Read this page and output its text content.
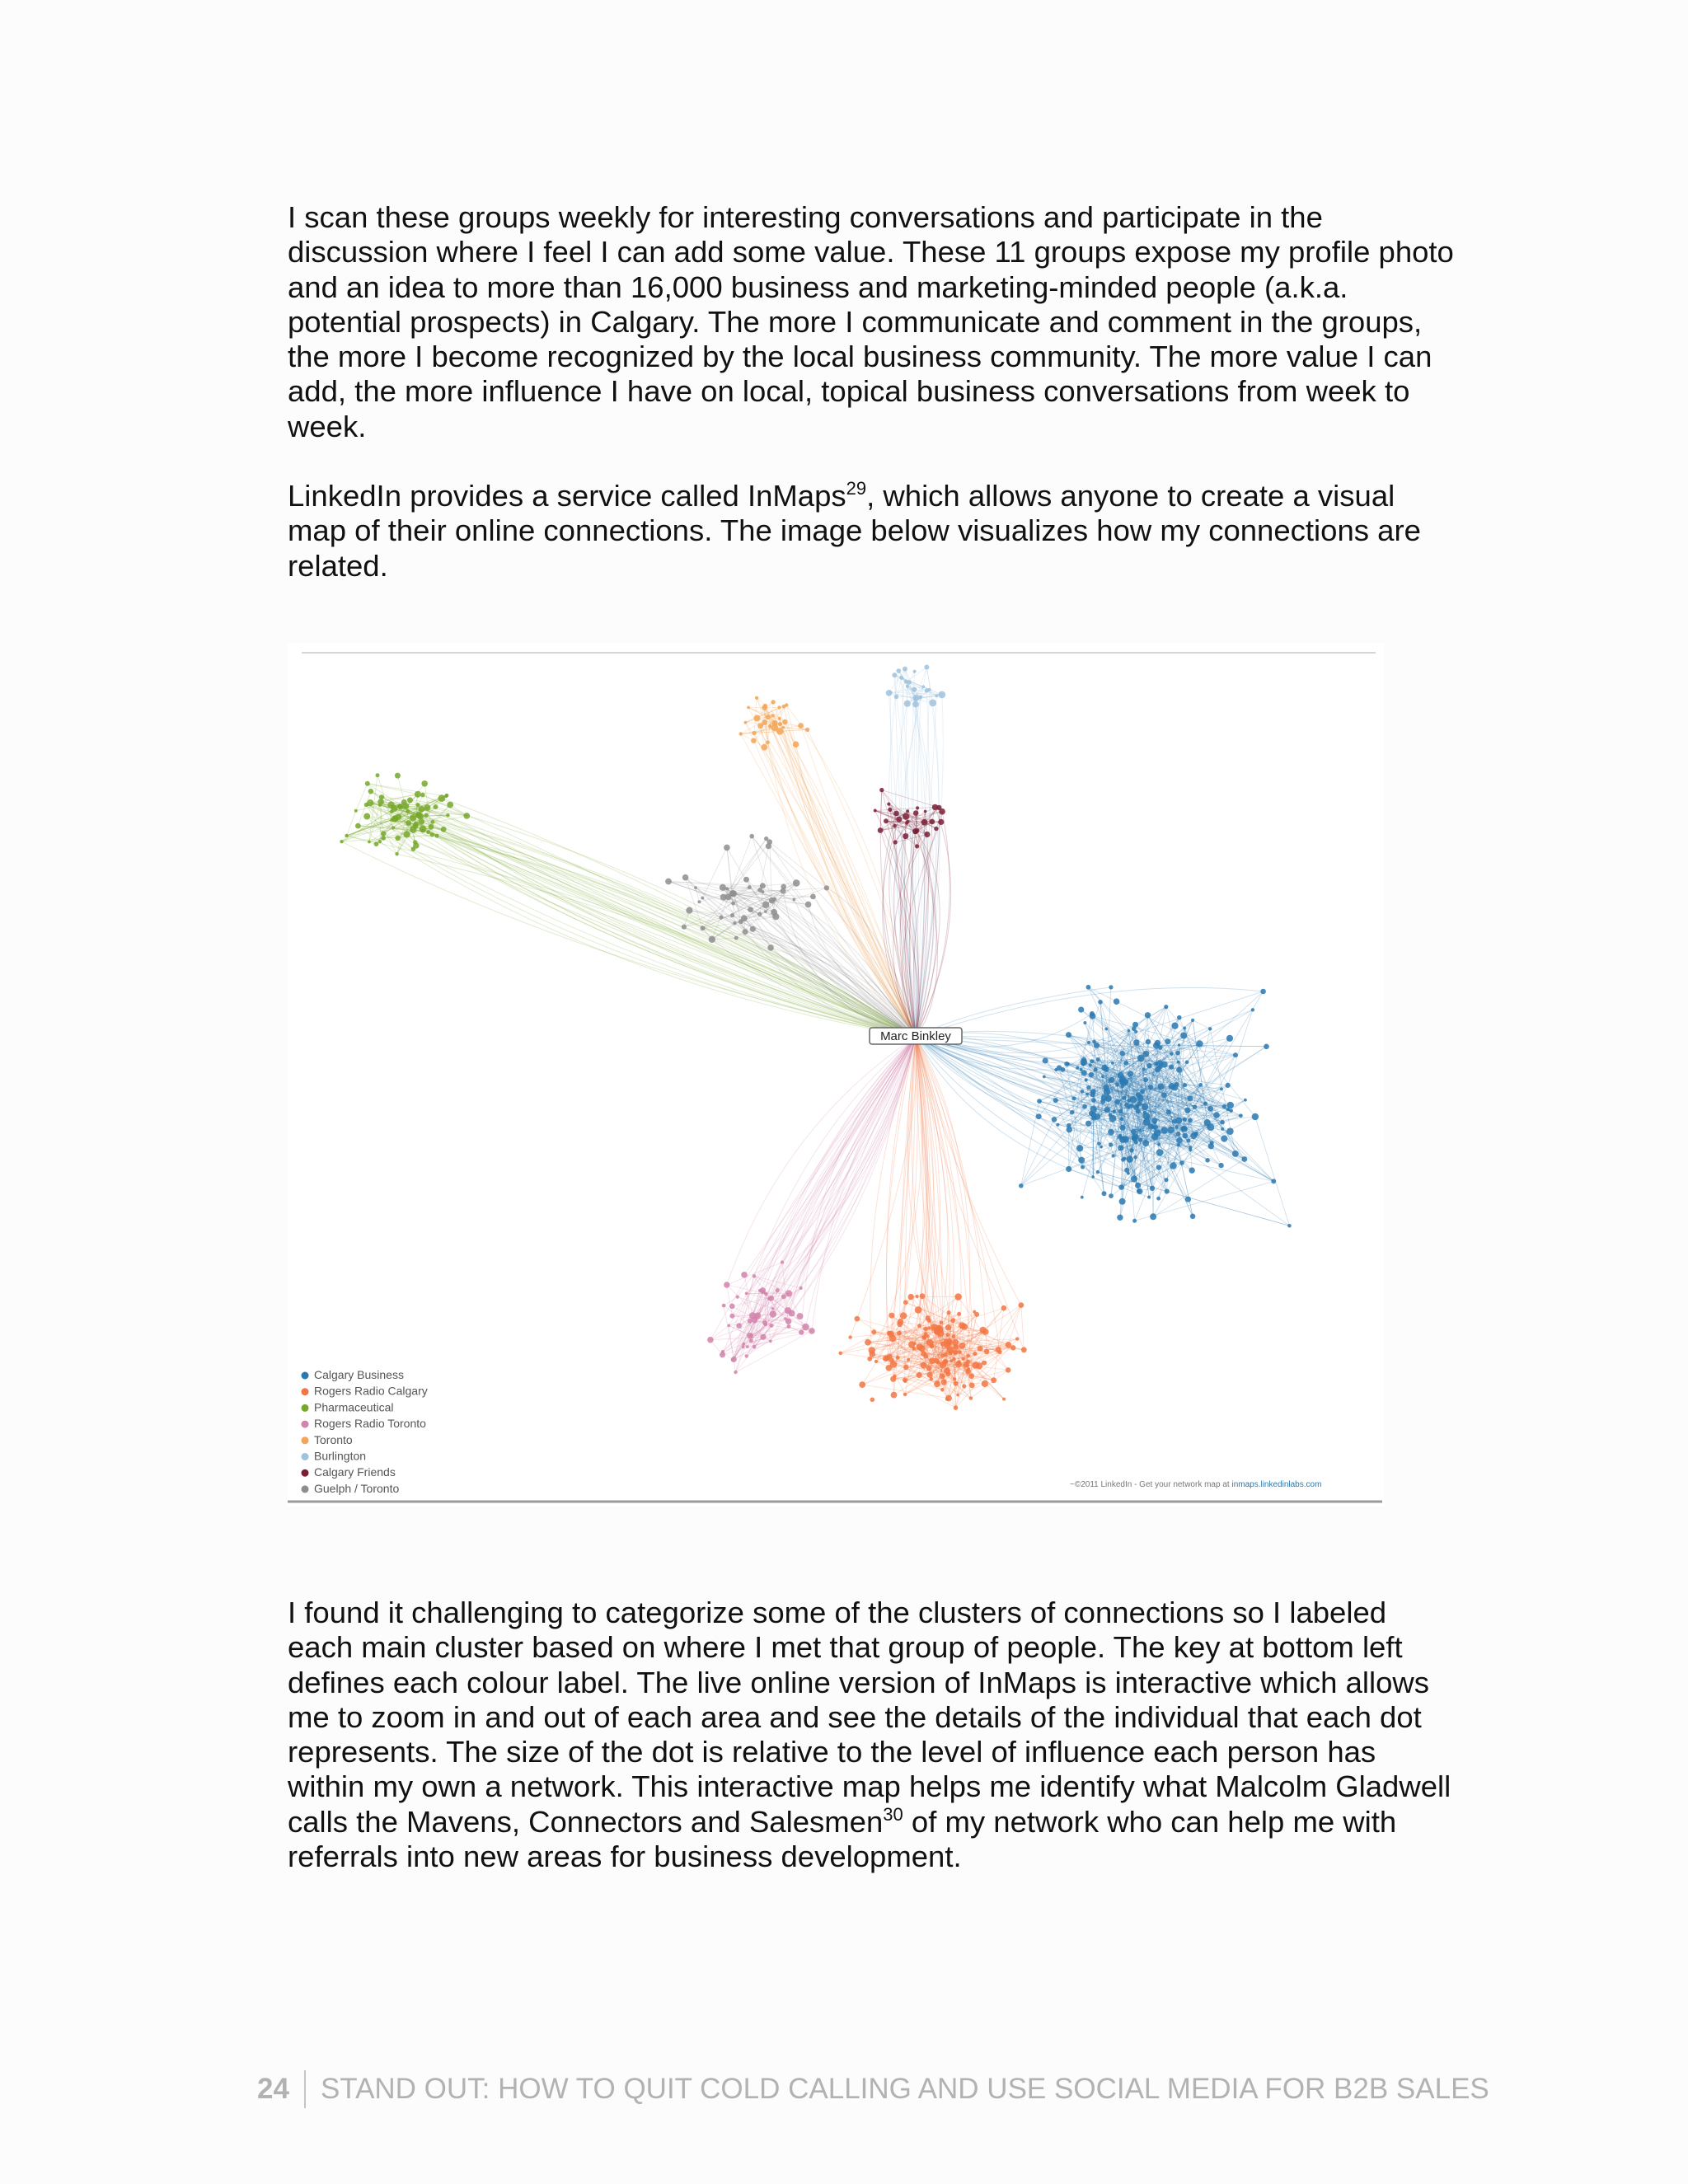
I scan these groups weekly for interesting conversations and participate in the discussion where I feel I can add some value. These 11 groups expose my profile photo and an idea to more than 16,000 business and marketing-minded people (a.k.a. potential prospects) in Calgary. The more I communicate and comment in the groups, the more I become recognized by the local business community. The more value I can add, the more influence I have on local, topical business conversations from week to week.

LinkedIn provides a service called InMaps$^{29}$, which allows anyone to create a visual map of their online connections. The image below visualizes how my connections are related.

Marc Binkley
Calgary Business
Rogers Radio Calgary
Pharmaceutical
Rogers Radio Toronto
Toronto
Burlington
Calgary Friends
Guelph / Toronto	~©2011 LinkedIn - Get your network map at inmaps.linkedinlabs.com

I found it challenging to categorize some of the clusters of connections so I labeled each main cluster based on where I met that group of people. The key at bottom left defines each colour label. The live online version of InMaps is interactive which allows me to zoom in and out of each area and see the details of the individual that each dot represents. The size of the dot is relative to the level of influence each person has within my own a network. This interactive map helps me identify what Malcolm Gladwell calls the Mavens, Connectors and Salesmen$^{30}$ of my network who can help me with referrals into new areas for business development.

24 STAND OUT: HOW TO QUIT COLD CALLING AND USE SOCIAL MEDIA FOR B2B SALES
